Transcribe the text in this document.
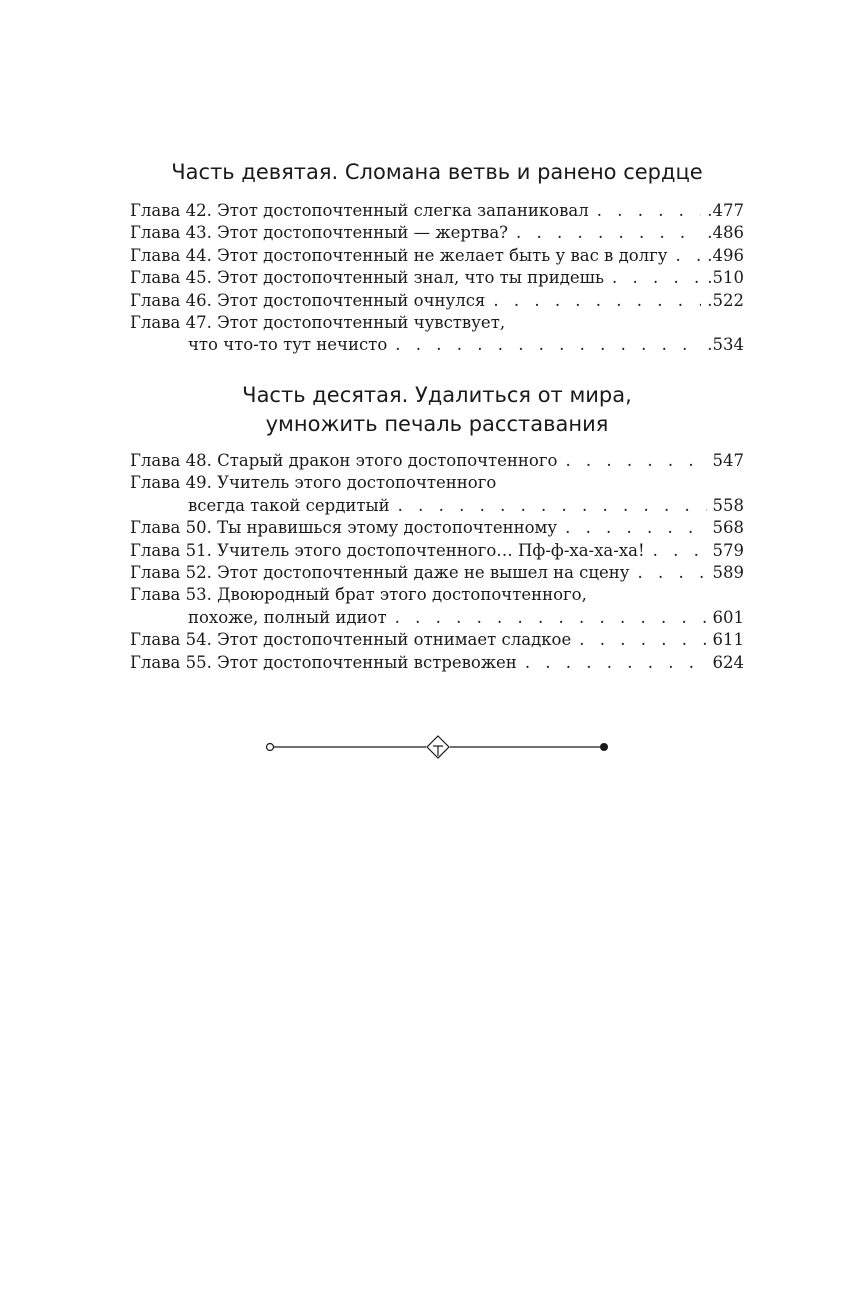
Часть девятая. Сломана ветвь и ранено сердце
Глава 42. Этот достопочтенный слегка запаниковал . . .	.477
Глава 43. Этот достопочтенный — жертва? . . .	.486
Глава 44. Этот достопочтенный не желает быть у вас в долгу . . . .496
Глава 45. Этот достопочтенный знал, что ты придешь . . .	.510
Глава 46. Этот достопочтенный очнулся . . .	.522
Глава 47. Этот достопочтенный чувствует,
что что-то тут нечисто . . .	.534
Часть десятая. Удалиться от мира,
умножить печаль расставания
Глава 48. Старый дракон этого достопочтенного . . .	547
Глава 49. Учитель этого достопочтенного
всегда такой сердитый . . .	558
Глава 50. Ты нравишься этому достопочтенному . . .	568
Глава 51. Учитель этого достопочтенного… Пф-ф-ха-ха-ха! . . .	579
Глава 52. Этот достопочтенный даже не вышел на сцену . . .	589
Глава 53. Двоюродный брат этого достопочтенного,
похоже, полный идиот . . .	601
Глава 54. Этот достопочтенный отнимает сладкое . . .	611
Глава 55. Этот достопочтенный встревожен . . .	624
